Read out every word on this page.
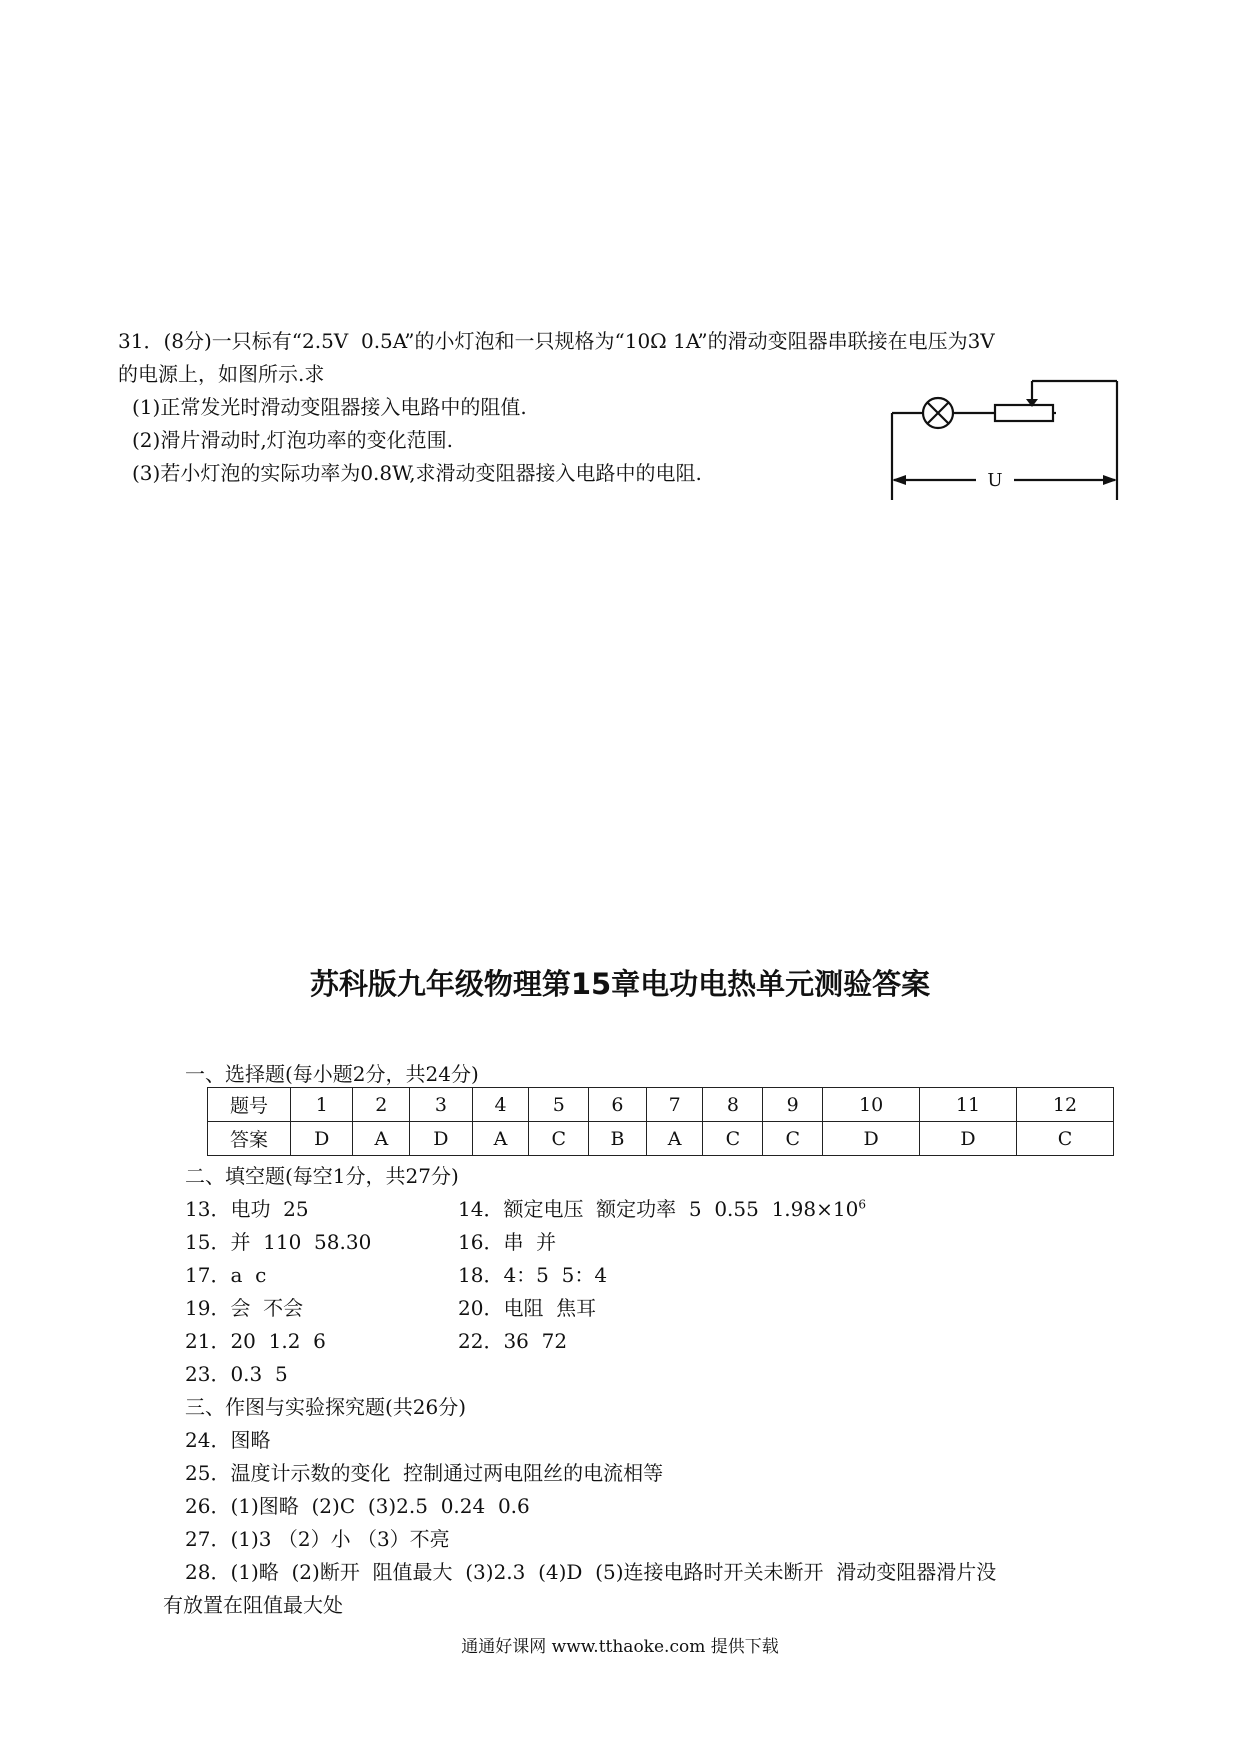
31．(8分)一只标有“2.5V  0.5A”的小灯泡和一只规格为“10Ω 1A”的滑动变阻器串联接在电压为3V
的电源上，如图所示.求
(1)正常发光时滑动变阻器接入电路中的阻值.
(2)滑片滑动时,灯泡功率的变化范围.
(3)若小灯泡的实际功率为0.8W,求滑动变阻器接入电路中的电阻.	U
苏科版九年级物理第15章电功电热单元测验答案
一、选择题(每小题2分，共24分)
题号	1	2	3	4	5	6	7	8	9	10	11	12
答案	D	A	D	A	C	B	A	C	C	D	D	C
二、填空题(每空1分，共27分)
13．电功  25	14．额定电压  额定功率  5  0.55  $1.98\times 10^6$
15．并  110  58.30	16．串  并
17．a  c	18．4：5  5：4
19．会  不会	20．电阻  焦耳
21．20  1.2  6	22．36  72
23．0.3  5
三、作图与实验探究题(共26分)
24．图略
25．温度计示数的变化  控制通过两电阻丝的电流相等
26．(1)图略  (2)C  (3)2.5  0.24  0.6
27．(1)3 （2）小 （3）不亮
28．(1)略  (2)断开  阻值最大  (3)2.3  (4)D  (5)连接电路时开关未断开  滑动变阻器滑片没
有放置在阻值最大处
通通好课网 www.tthaoke.com 提供下载
